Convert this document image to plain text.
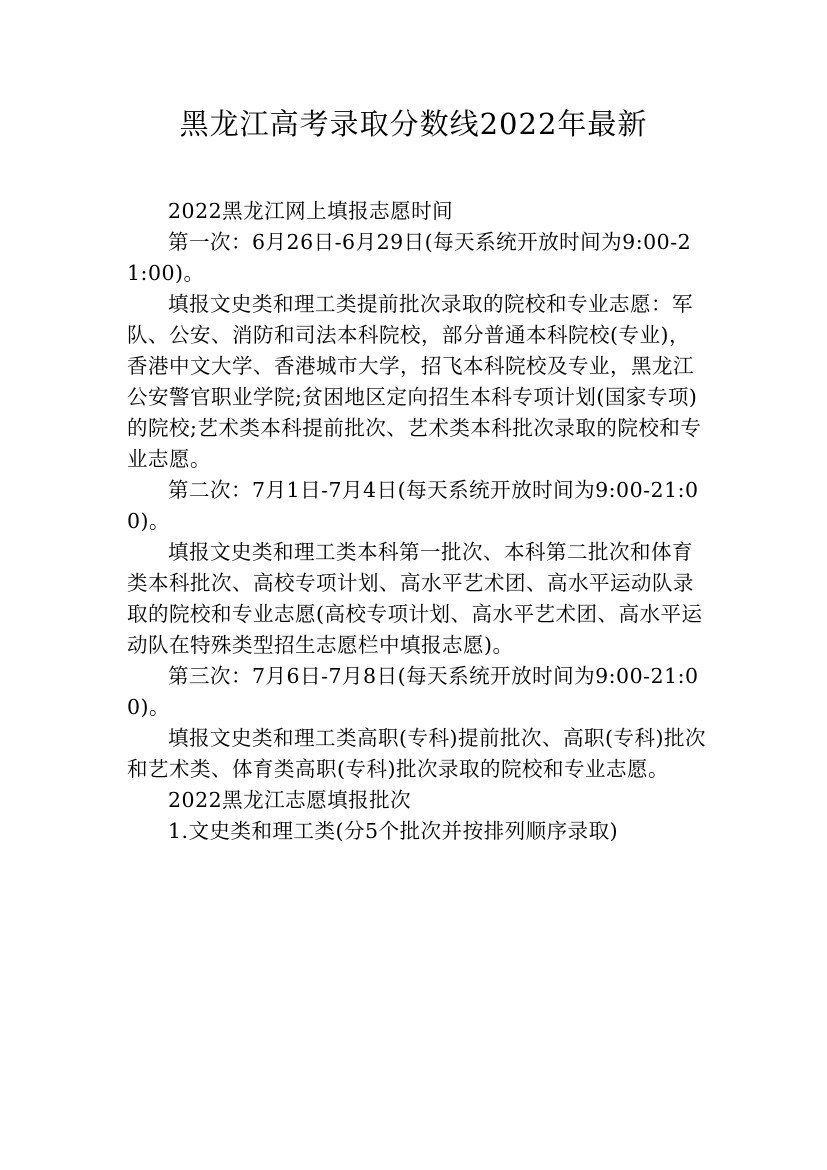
黑龙江高考录取分数线2022年最新

2022黑龙江网上填报志愿时间

第一次：6月26日-6月29日(每天系统开放时间为9:00-21:00)。

填报文史类和理工类提前批次录取的院校和专业志愿：军队、公安、消防和司法本科院校，部分普通本科院校(专业)，香港中文大学、香港城市大学，招飞本科院校及专业，黑龙江公安警官职业学院;贫困地区定向招生本科专项计划(国家专项)的院校;艺术类本科提前批次、艺术类本科批次录取的院校和专业志愿。

第二次：7月1日-7月4日(每天系统开放时间为9:00-21:00)。

填报文史类和理工类本科第一批次、本科第二批次和体育类本科批次、高校专项计划、高水平艺术团、高水平运动队录取的院校和专业志愿(高校专项计划、高水平艺术团、高水平运动队在特殊类型招生志愿栏中填报志愿)。

第三次：7月6日-7月8日(每天系统开放时间为9:00-21:00)。

填报文史类和理工类高职(专科)提前批次、高职(专科)批次和艺术类、体育类高职(专科)批次录取的院校和专业志愿。

2022黑龙江志愿填报批次

1.文史类和理工类(分5个批次并按排列顺序录取)
